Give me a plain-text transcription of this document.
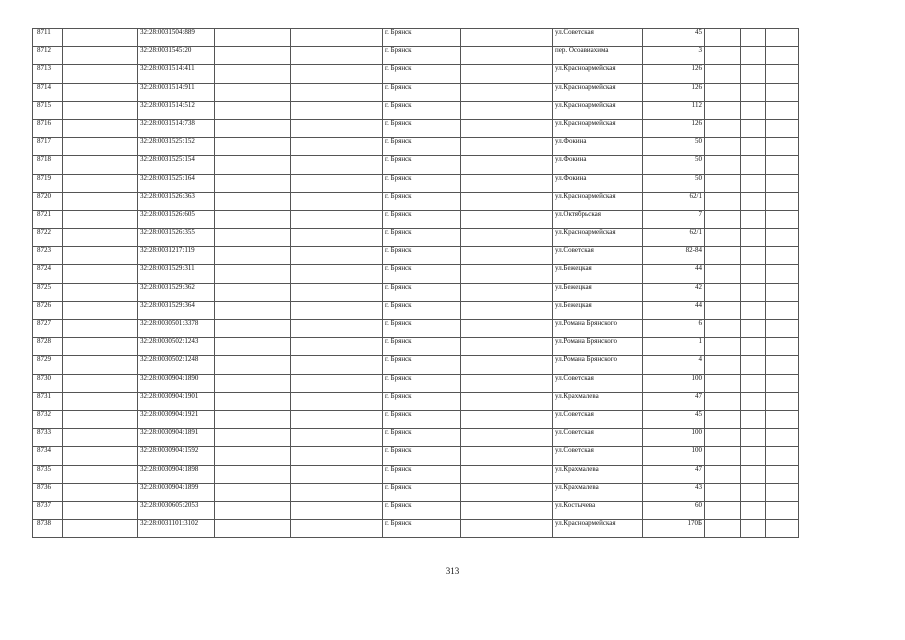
8711		32:28:0031504:889			г. Брянск		ул.Советская	45			
8712		32:28:0031545:20			г. Брянск		пер. Осоавиахима	3			
8713		32:28:0031514:411			г. Брянск		ул.Красноармейская	126			
8714		32:28:0031514:911			г. Брянск		ул.Красноармейская	126			
8715		32:28:0031514:512			г. Брянск		ул.Красноармейская	112			
8716		32:28:0031514:738			г. Брянск		ул.Красноармейская	126			
8717		32:28:0031525:152			г. Брянск		ул.Фокина	50			
8718		32:28:0031525:154			г. Брянск		ул.Фокина	50			
8719		32:28:0031525:164			г. Брянск		ул.Фокина	50			
8720		32:28:0031526:363			г. Брянск		ул.Красноармейская	62/1			
8721		32:28:0031526:605			г. Брянск		ул.Октябрьская	7			
8722		32:28:0031526:355			г. Брянск		ул.Красноармейская	62/1			
8723		32:28:0031217:119			г. Брянск		ул.Советская	82-84			
8724		32:28:0031529:311			г. Брянск		ул.Бежецкая	44			
8725		32:28:0031529:362			г. Брянск		ул.Бежецкая	42			
8726		32:28:0031529:364			г. Брянск		ул.Бежецкая	44			
8727		32:28:0030501:3378			г. Брянск		ул.Романа Брянского	6			
8728		32:28:0030502:1243			г. Брянск		ул.Романа Брянского	1			
8729		32:28:0030502:1248			г. Брянск		ул.Романа Брянского	4			
8730		32:28:0030904:1890			г. Брянск		ул.Советская	100			
8731		32:28:0030904:1901			г. Брянск		ул.Крахмалева	47			
8732		32:28:0030904:1921			г. Брянск		ул.Советская	45			
8733		32:28:0030904:1891			г. Брянск		ул.Советская	100			
8734		32:28:0030904:1592			г. Брянск		ул.Советская	100			
8735		32:28:0030904:1898			г. Брянск		ул.Крахмалева	47			
8736		32:28:0030904:1899			г. Брянск		ул.Крахмалева	43			
8737		32:28:0030605:2053			г. Брянск		ул.Костычева	60			
8738		32:28:0031101:3102			г. Брянск		ул.Красноармейская	170Б			
313
